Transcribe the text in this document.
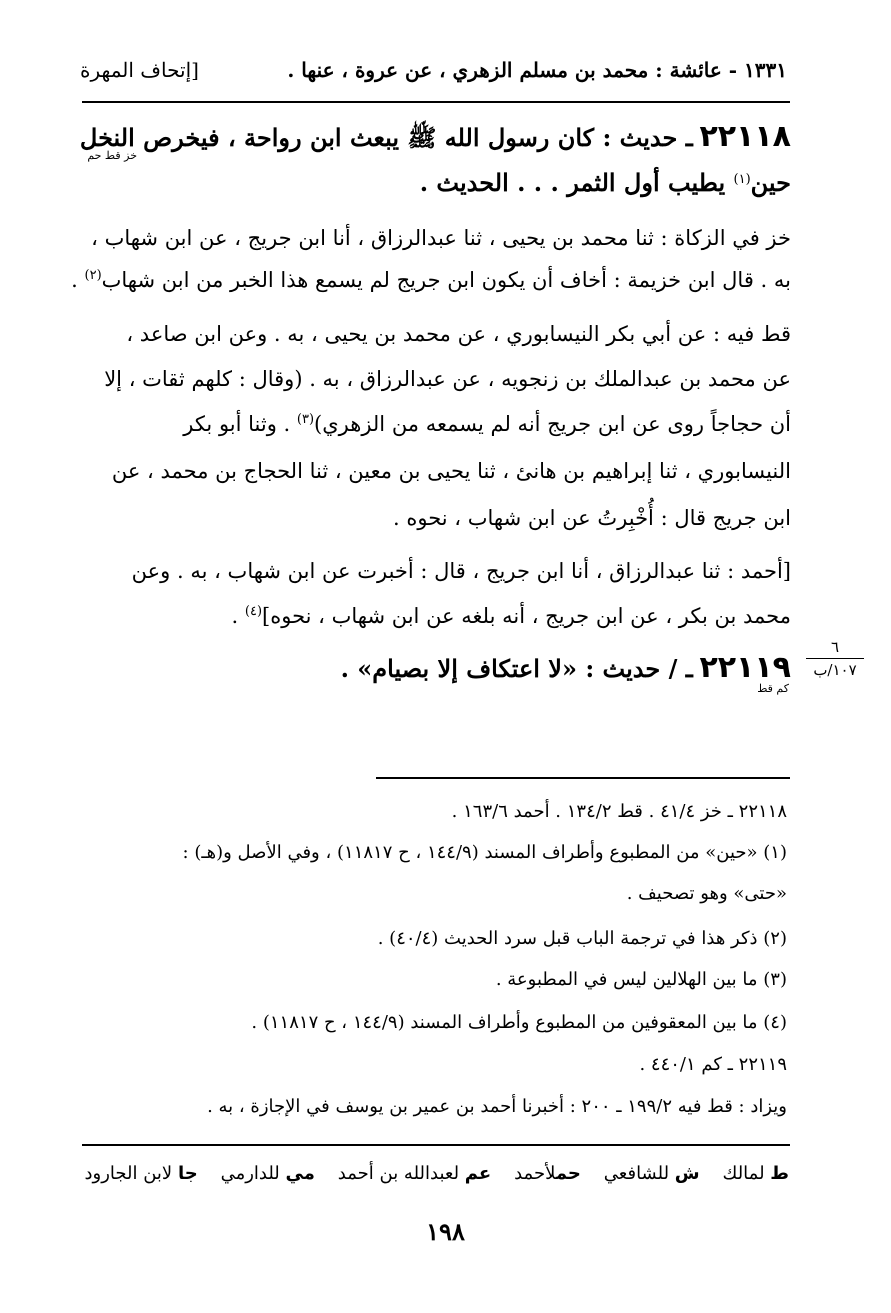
١٣٣١ - عائشة : محمد بن مسلم الزهري ، عن عروة ، عنها .
[إتحاف المهرة
٢٢١١٨ ـ حديث : كان رسول الله ﷺ يبعث ابن رواحة ، فيخرص النخل
خز قط حم
حين$^{(١)}$ يطيب أول الثمر . . . الحديث .
خز في الزكاة : ثنا محمد بن يحيى ، ثنا عبدالرزاق ، أنا ابن جريج ، عن ابن شهاب ،
به . قال ابن خزيمة : أخاف أن يكون ابن جريج لم يسمع هذا الخبر من ابن شهاب$^{(٢)}$ .
قط فيه : عن أبي بكر النيسابوري ، عن محمد بن يحيى ، به . وعن ابن صاعد ،
عن محمد بن عبدالملك بن زنجويه ، عن عبدالرزاق ، به . (وقال : كلهم ثقات ، إلا
أن حجاجاً روى عن ابن جريج أنه لم يسمعه من الزهري)$^{(٣)}$ . وثنا أبو بكر
النيسابوري ، ثنا إبراهيم بن هانئ ، ثنا يحيى بن معين ، ثنا الحجاج بن محمد ، عن
ابن جريج قال : أُخْبِرتُ عن ابن شهاب ، نحوه .
[أحمد : ثنا عبدالرزاق ، أنا ابن جريج ، قال : أخبرت عن ابن شهاب ، به . وعن
محمد بن بكر ، عن ابن جريج ، أنه بلغه عن ابن شهاب ، نحوه]$^{(٤)}$ .
٢٢١١٩ ـ / حديث : «لا اعتكاف إلا بصيام» .
كم قط
٦
١٠٧/ب
٢٢١١٨ ـ خز ٤١/٤ . قط ١٣٤/٢ . أحمد ١٦٣/٦ .
(١) «حين» من المطبوع وأطراف المسند (١٤٤/٩ ، ح ١١٨١٧) ، وفي الأصل و(هـ) :
«حتى» وهو تصحيف .
(٢) ذكر هذا في ترجمة الباب قبل سرد الحديث (٤٠/٤) .
(٣) ما بين الهلالين ليس في المطبوعة .
(٤) ما بين المعقوفين من المطبوع وأطراف المسند (١٤٤/٩ ، ح ١١٨١٧) .
٢٢١١٩ ـ كم ٤٤٠/١ .
ويزاد : قط فيه ١٩٩/٢ ـ ٢٠٠ : أخبرنا أحمد بن عمير بن يوسف في الإجازة ، به .
ط لمالك    ش للشافعي    حملأحمد    عم لعبدالله بن أحمد    مي للدارمي    جا لابن الجارود
١٩٨
